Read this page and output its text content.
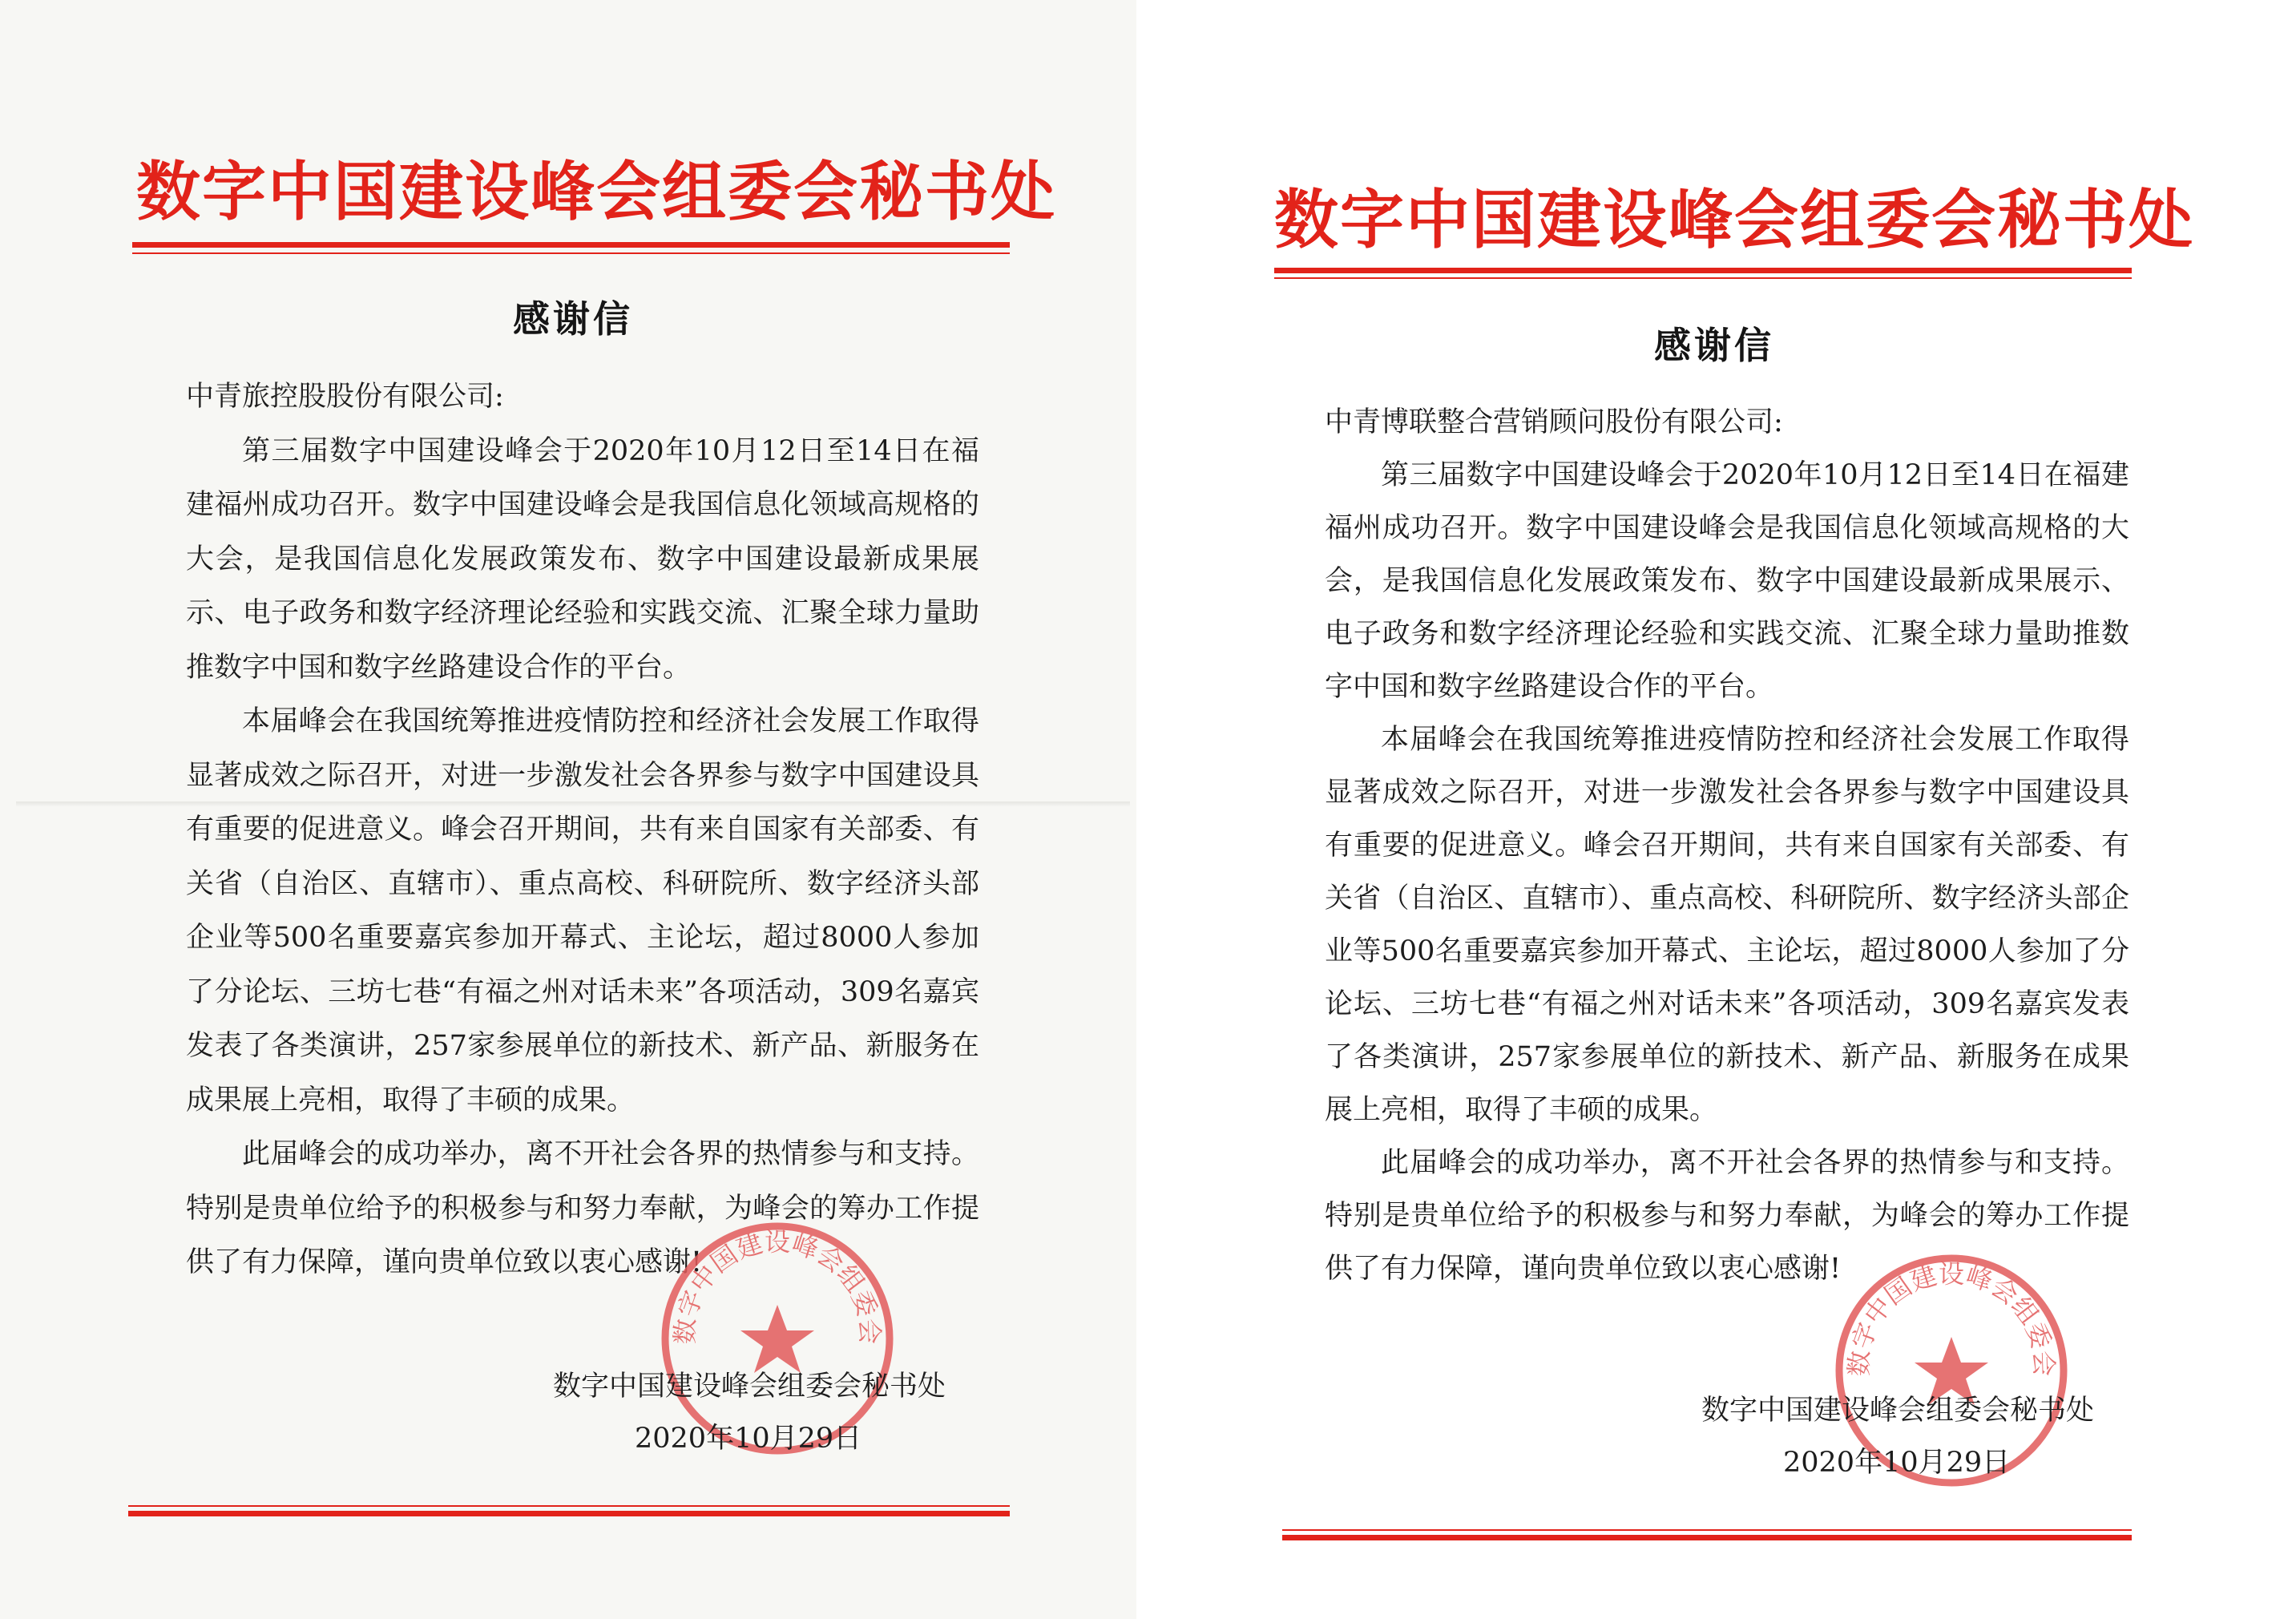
数字中国建设峰会组委会秘书处
感谢信

中青旅控股股份有限公司:

第三届数字中国建设峰会于2020年10月12日至14日在福建福州成功召开。数字中国建设峰会是我国信息化领域高规格的大会，是我国信息化发展政策发布、数字中国建设最新成果展示、电子政务和数字经济理论经验和实践交流、汇聚全球力量助推数字中国和数字丝路建设合作的平台。

本届峰会在我国统筹推进疫情防控和经济社会发展工作取得显著成效之际召开，对进一步激发社会各界参与数字中国建设具有重要的促进意义。峰会召开期间，共有来自国家有关部委、有关省（自治区、直辖市）、重点高校、科研院所、数字经济头部企业等500名重要嘉宾参加开幕式、主论坛，超过8000人参加了分论坛、三坊七巷“有福之州对话未来”各项活动，309名嘉宾发表了各类演讲，257家参展单位的新技术、新产品、新服务在成果展上亮相，取得了丰硕的成果。

此届峰会的成功举办，离不开社会各界的热情参与和支持。特别是贵单位给予的积极参与和努力奉献，为峰会的筹办工作提供了有力保障，谨向贵单位致以衷心感谢!

数字中国建设峰会组委会
数字中国建设峰会组委会秘书处
2020年10月29日
数字中国建设峰会组委会秘书处
感谢信

中青博联整合营销顾问股份有限公司:

第三届数字中国建设峰会于2020年10月12日至14日在福建福州成功召开。数字中国建设峰会是我国信息化领域高规格的大会，是我国信息化发展政策发布、数字中国建设最新成果展示、电子政务和数字经济理论经验和实践交流、汇聚全球力量助推数字中国和数字丝路建设合作的平台。

本届峰会在我国统筹推进疫情防控和经济社会发展工作取得显著成效之际召开，对进一步激发社会各界参与数字中国建设具有重要的促进意义。峰会召开期间，共有来自国家有关部委、有关省（自治区、直辖市）、重点高校、科研院所、数字经济头部企业等500名重要嘉宾参加开幕式、主论坛，超过8000人参加了分论坛、三坊七巷“有福之州对话未来”各项活动，309名嘉宾发表了各类演讲，257家参展单位的新技术、新产品、新服务在成果展上亮相，取得了丰硕的成果。

此届峰会的成功举办，离不开社会各界的热情参与和支持。特别是贵单位给予的积极参与和努力奉献，为峰会的筹办工作提供了有力保障，谨向贵单位致以衷心感谢!

数字中国建设峰会组委会
数字中国建设峰会组委会秘书处
2020年10月29日
